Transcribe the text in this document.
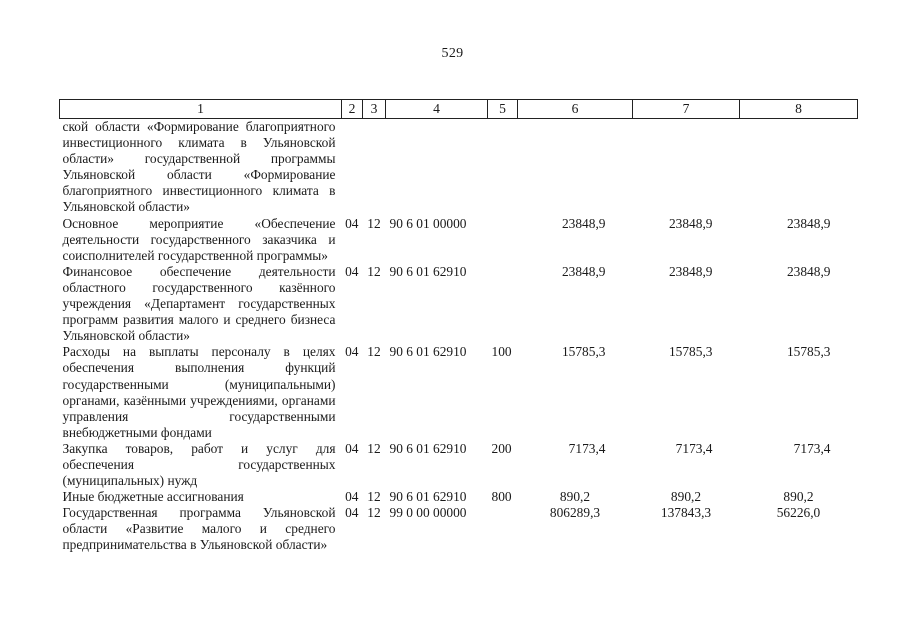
529
1	2	3	4	5	6	7	8
ской области «Формирование благоприятного инвестиционного климата в Ульяновской области» государственной программы Ульяновской области «Формирование благоприятного инвестиционного климата в Ульяновской области»							
Основное мероприятие «Обеспечение деятельности государственного заказчика и соисполнителей государственной программы»	04	12	90 6 01 00000		23848,9	23848,9	23848,9
Финансовое обеспечение деятельности областного государственного казённого учреждения «Департамент государственных программ развития малого и среднего бизнеса Ульяновской области»	04	12	90 6 01 62910		23848,9	23848,9	23848,9
Расходы на выплаты персоналу в целях обеспечения выполнения функций государственными (муниципальными) органами, казёнными учреждениями, органами управления государственными внебюджетными фондами	04	12	90 6 01 62910	100	15785,3	15785,3	15785,3
Закупка товаров, работ и услуг для обеспечения государственных (муниципальных) нужд	04	12	90 6 01 62910	200	7173,4	7173,4	7173,4
Иные бюджетные ассигнования	04	12	90 6 01 62910	800	890,2	890,2	890,2
Государственная программа Ульяновской области «Развитие малого и среднего предпринимательства в Ульяновской области»	04	12	99 0 00 00000		806289,3	137843,3	56226,0
